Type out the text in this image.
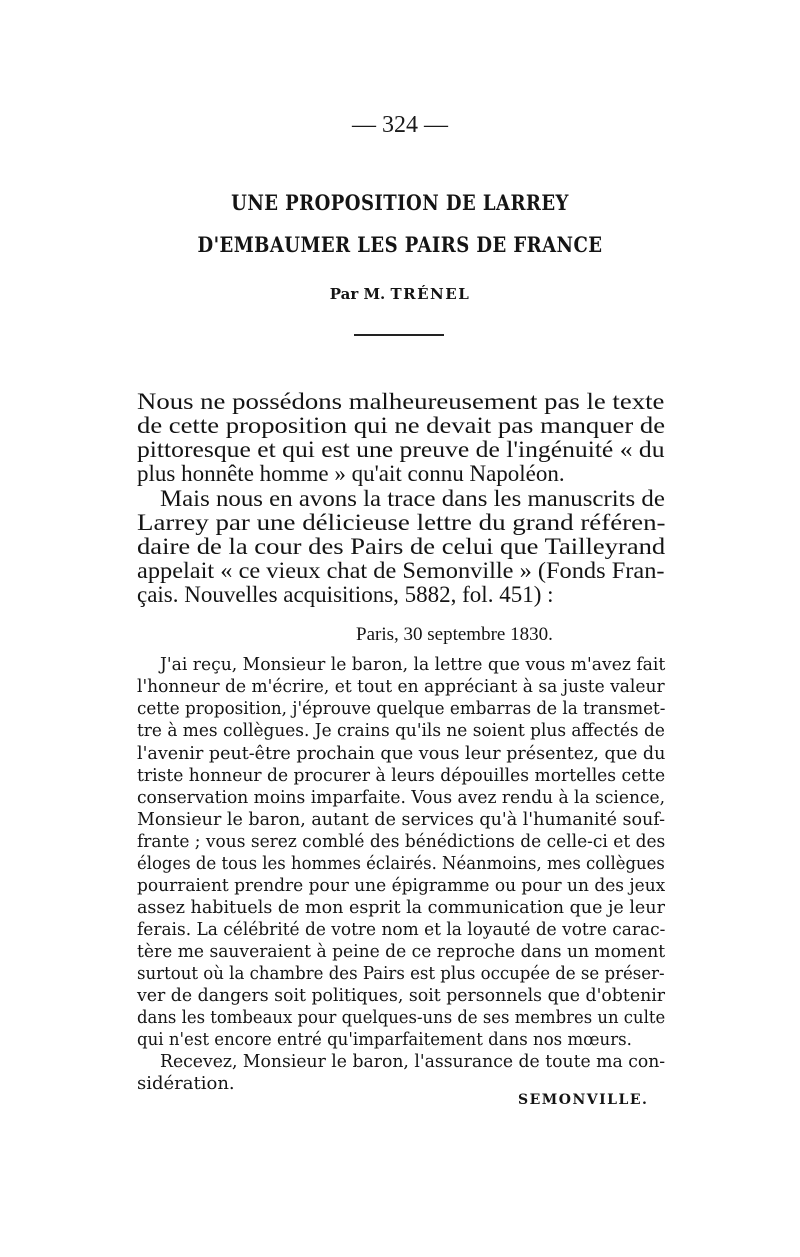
— 324 —
UNE PROPOSITION DE LARREY
D'EMBAUMER LES PAIRS DE FRANCE
Par M. TRÉNEL
Nous ne possédons malheureusement pas le texte
de cette proposition qui ne devait pas manquer de
pittoresque et qui est une preuve de l'ingénuité « du
plus honnête homme » qu'ait connu Napoléon.
Mais nous en avons la trace dans les manuscrits de
Larrey par une délicieuse lettre du grand référen-
daire de la cour des Pairs de celui que Tailleyrand
appelait « ce vieux chat de Semonville » (Fonds Fran-
çais. Nouvelles acquisitions, 5882, fol. 451) :
Paris, 30 septembre 1830.
J'ai reçu, Monsieur le baron, la lettre que vous m'avez fait
l'honneur de m'écrire, et tout en appréciant à sa juste valeur
cette proposition, j'éprouve quelque embarras de la transmet-
tre à mes collègues. Je crains qu'ils ne soient plus affectés de
l'avenir peut-être prochain que vous leur présentez, que du
triste honneur de procurer à leurs dépouilles mortelles cette
conservation moins imparfaite. Vous avez rendu à la science,
Monsieur le baron, autant de services qu'à l'humanité souf-
frante ; vous serez comblé des bénédictions de celle-ci et des
éloges de tous les hommes éclairés. Néanmoins, mes collègues
pourraient prendre pour une épigramme ou pour un des jeux
assez habituels de mon esprit la communication que je leur
ferais. La célébrité de votre nom et la loyauté de votre carac-
tère me sauveraient à peine de ce reproche dans un moment
surtout où la chambre des Pairs est plus occupée de se préser-
ver de dangers soit politiques, soit personnels que d'obtenir
dans les tombeaux pour quelques-uns de ses membres un culte
qui n'est encore entré qu'imparfaitement dans nos mœurs.
Recevez, Monsieur le baron, l'assurance de toute ma con-
sidération.
SEMONVILLE.
